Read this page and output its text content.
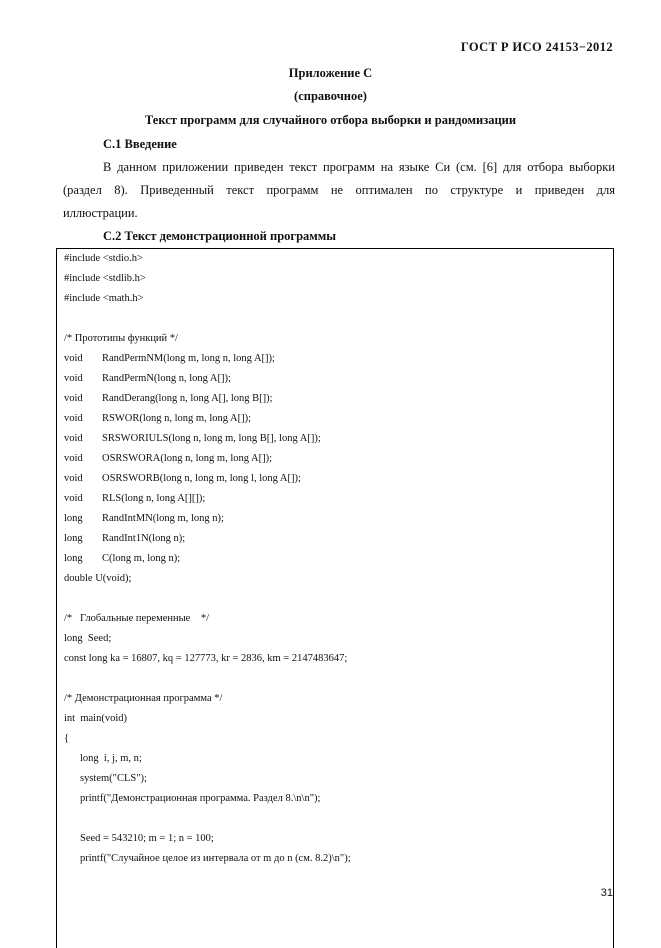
ГОСТ Р ИСО 24153−2012
Приложение С
(справочное)
Текст программ для случайного отбора выборки и рандомизации
С.1 Введение
В данном приложении приведен текст программ на языке Си (см. [6] для отбора выборки
(раздел 8). Приведенный текст программ не оптимален по структуре и приведен для
иллюстрации.
С.2 Текст демонстрационной программы
#include <stdio.h>
#include <stdlib.h>
#include <math.h>
/* Прототипы функций */
void RandPermNM(long m, long n, long A[]);
void RandPermN(long n, long A[]);
void RandDerang(long n, long A[], long B[]);
void RSWOR(long n, long m, long A[]);
void SRSWORIULS(long n, long m, long B[], long A[]);
void OSRSWORA(long n, long m, long A[]);
void OSRSWORB(long n, long m, long l, long A[]);
void RLS(long n, long A[][]);
long RandIntMN(long m, long n);
long RandInt1N(long n);
long C(long m, long n);
double U(void);
/*   Глобальные переменные    */
long  Seed;
const long ka = 16807, kq = 127773, kr = 2836, km = 2147483647;
/* Демонстрационная программа */
int  main(void)
{
long  i, j, m, n;
system("CLS");
printf("Демонстрационная программа. Раздел 8.\n\n");
Seed = 543210; m = 1; n = 100;
printf("Случайное целое из интервала от m до n (см. 8.2)\n");
31
